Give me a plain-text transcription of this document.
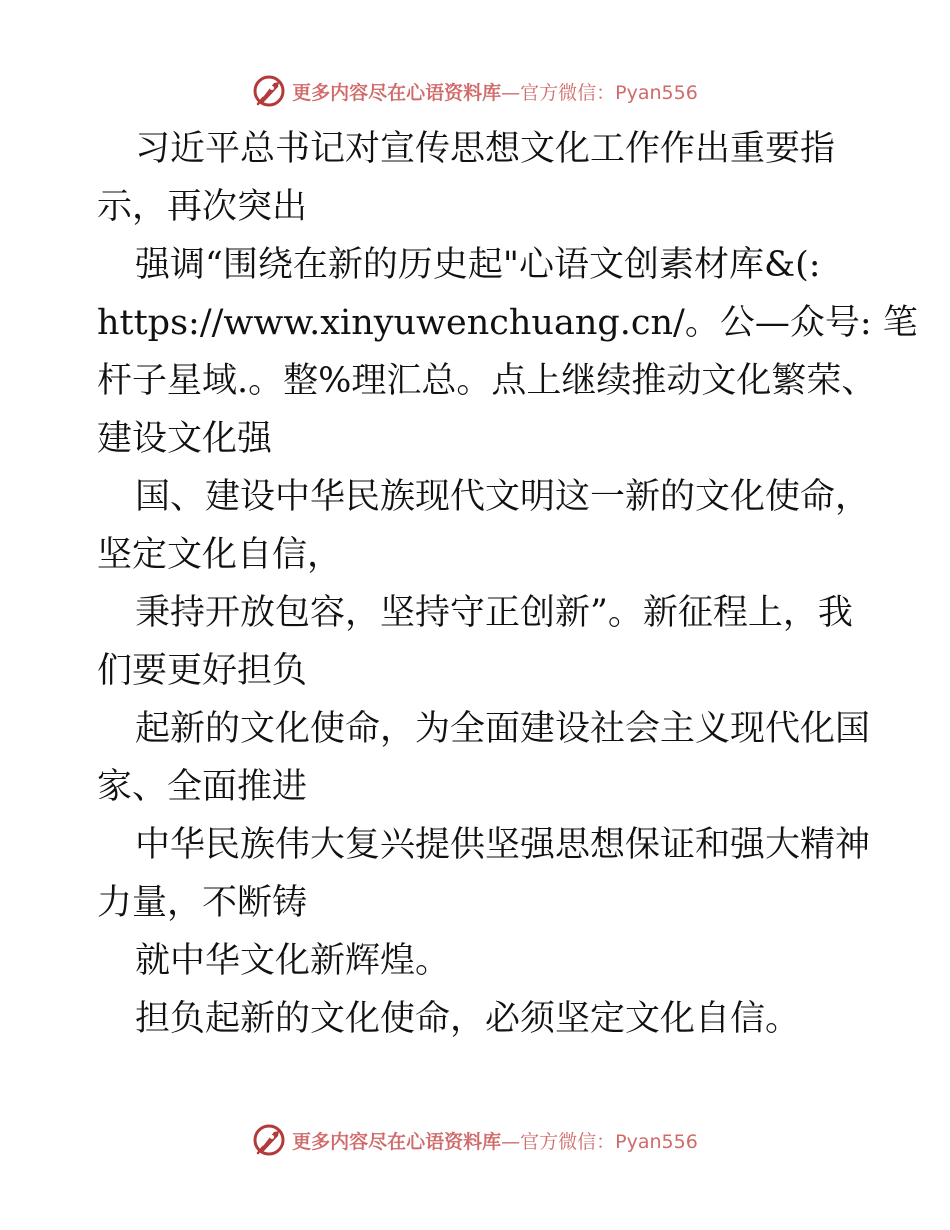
更多内容尽在心语资料库—官方微信：Pyan556
习近平总书记对宣传思想文化工作作出重要指
示，再次突出
强调“围绕在新的历史起"心语文创素材库&(:
https://www.xinyuwenchuang.cn/。公—众号: 笔
杆子星域.。整%理汇总。点上继续推动文化繁荣、
建设文化强
国、建设中华民族现代文明这一新的文化使命，
坚定文化自信，
秉持开放包容，坚持守正创新”。新征程上，我
们要更好担负
起新的文化使命，为全面建设社会主义现代化国
家、全面推进
中华民族伟大复兴提供坚强思想保证和强大精神
力量，不断铸
就中华文化新辉煌。
担负起新的文化使命，必须坚定文化自信。
更多内容尽在心语资料库—官方微信：Pyan556
